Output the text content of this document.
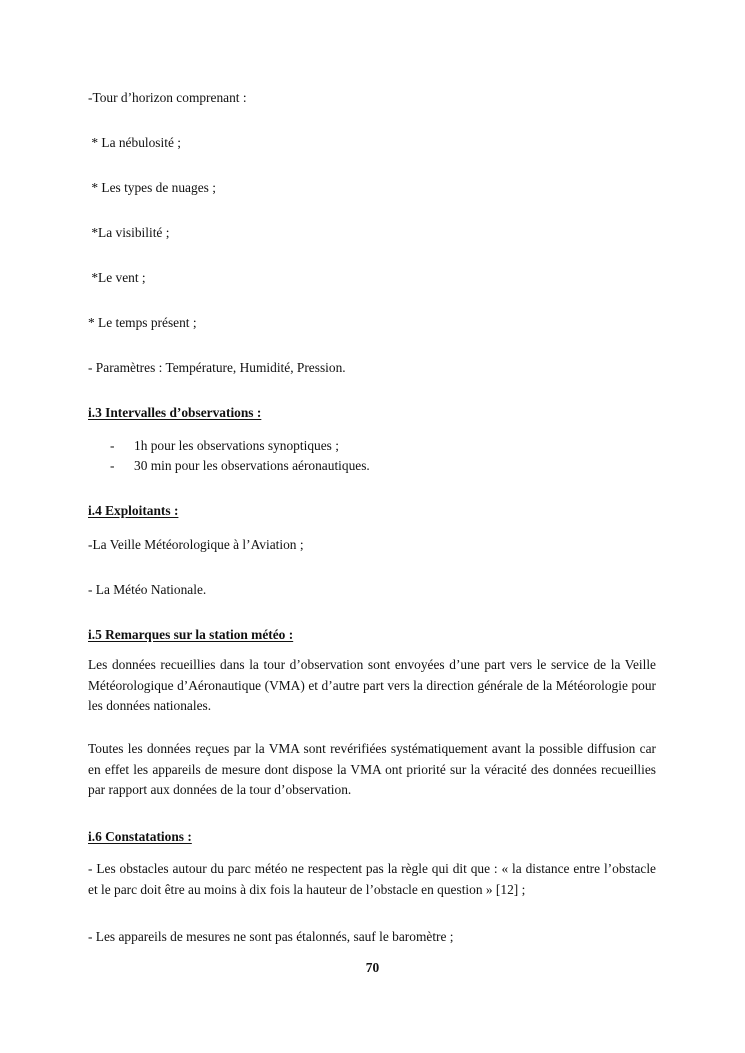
-Tour d’horizon comprenant :
* La nébulosité ;
* Les types de nuages ;
*La visibilité ;
*Le vent ;
* Le temps présent ;
- Paramètres : Température, Humidité, Pression.
i.3 Intervalles d’observations :
- 1h pour les observations synoptiques ;
- 30 min pour les observations aéronautiques.
i.4 Exploitants :
-La Veille Météorologique à l’Aviation ;
- La Météo Nationale.
i.5 Remarques sur la station météo :
Les données recueillies dans la tour d’observation sont envoyées d’une part vers le service de la Veille Météorologique d’Aéronautique (VMA) et d’autre part vers la direction générale de la Météorologie pour les données nationales.
Toutes les données reçues par la VMA sont revérifiées systématiquement avant la possible diffusion car en effet les appareils de mesure dont dispose la VMA ont priorité sur la véracité des données recueillies par rapport aux données de la tour d’observation.
i.6 Constatations :
- Les obstacles autour du parc météo ne respectent pas la règle qui dit que : « la distance entre l’obstacle et le parc doit être au moins à dix fois la hauteur de l’obstacle en question » [12] ;
- Les appareils de mesures ne sont pas étalonnés, sauf le baromètre ;
70
